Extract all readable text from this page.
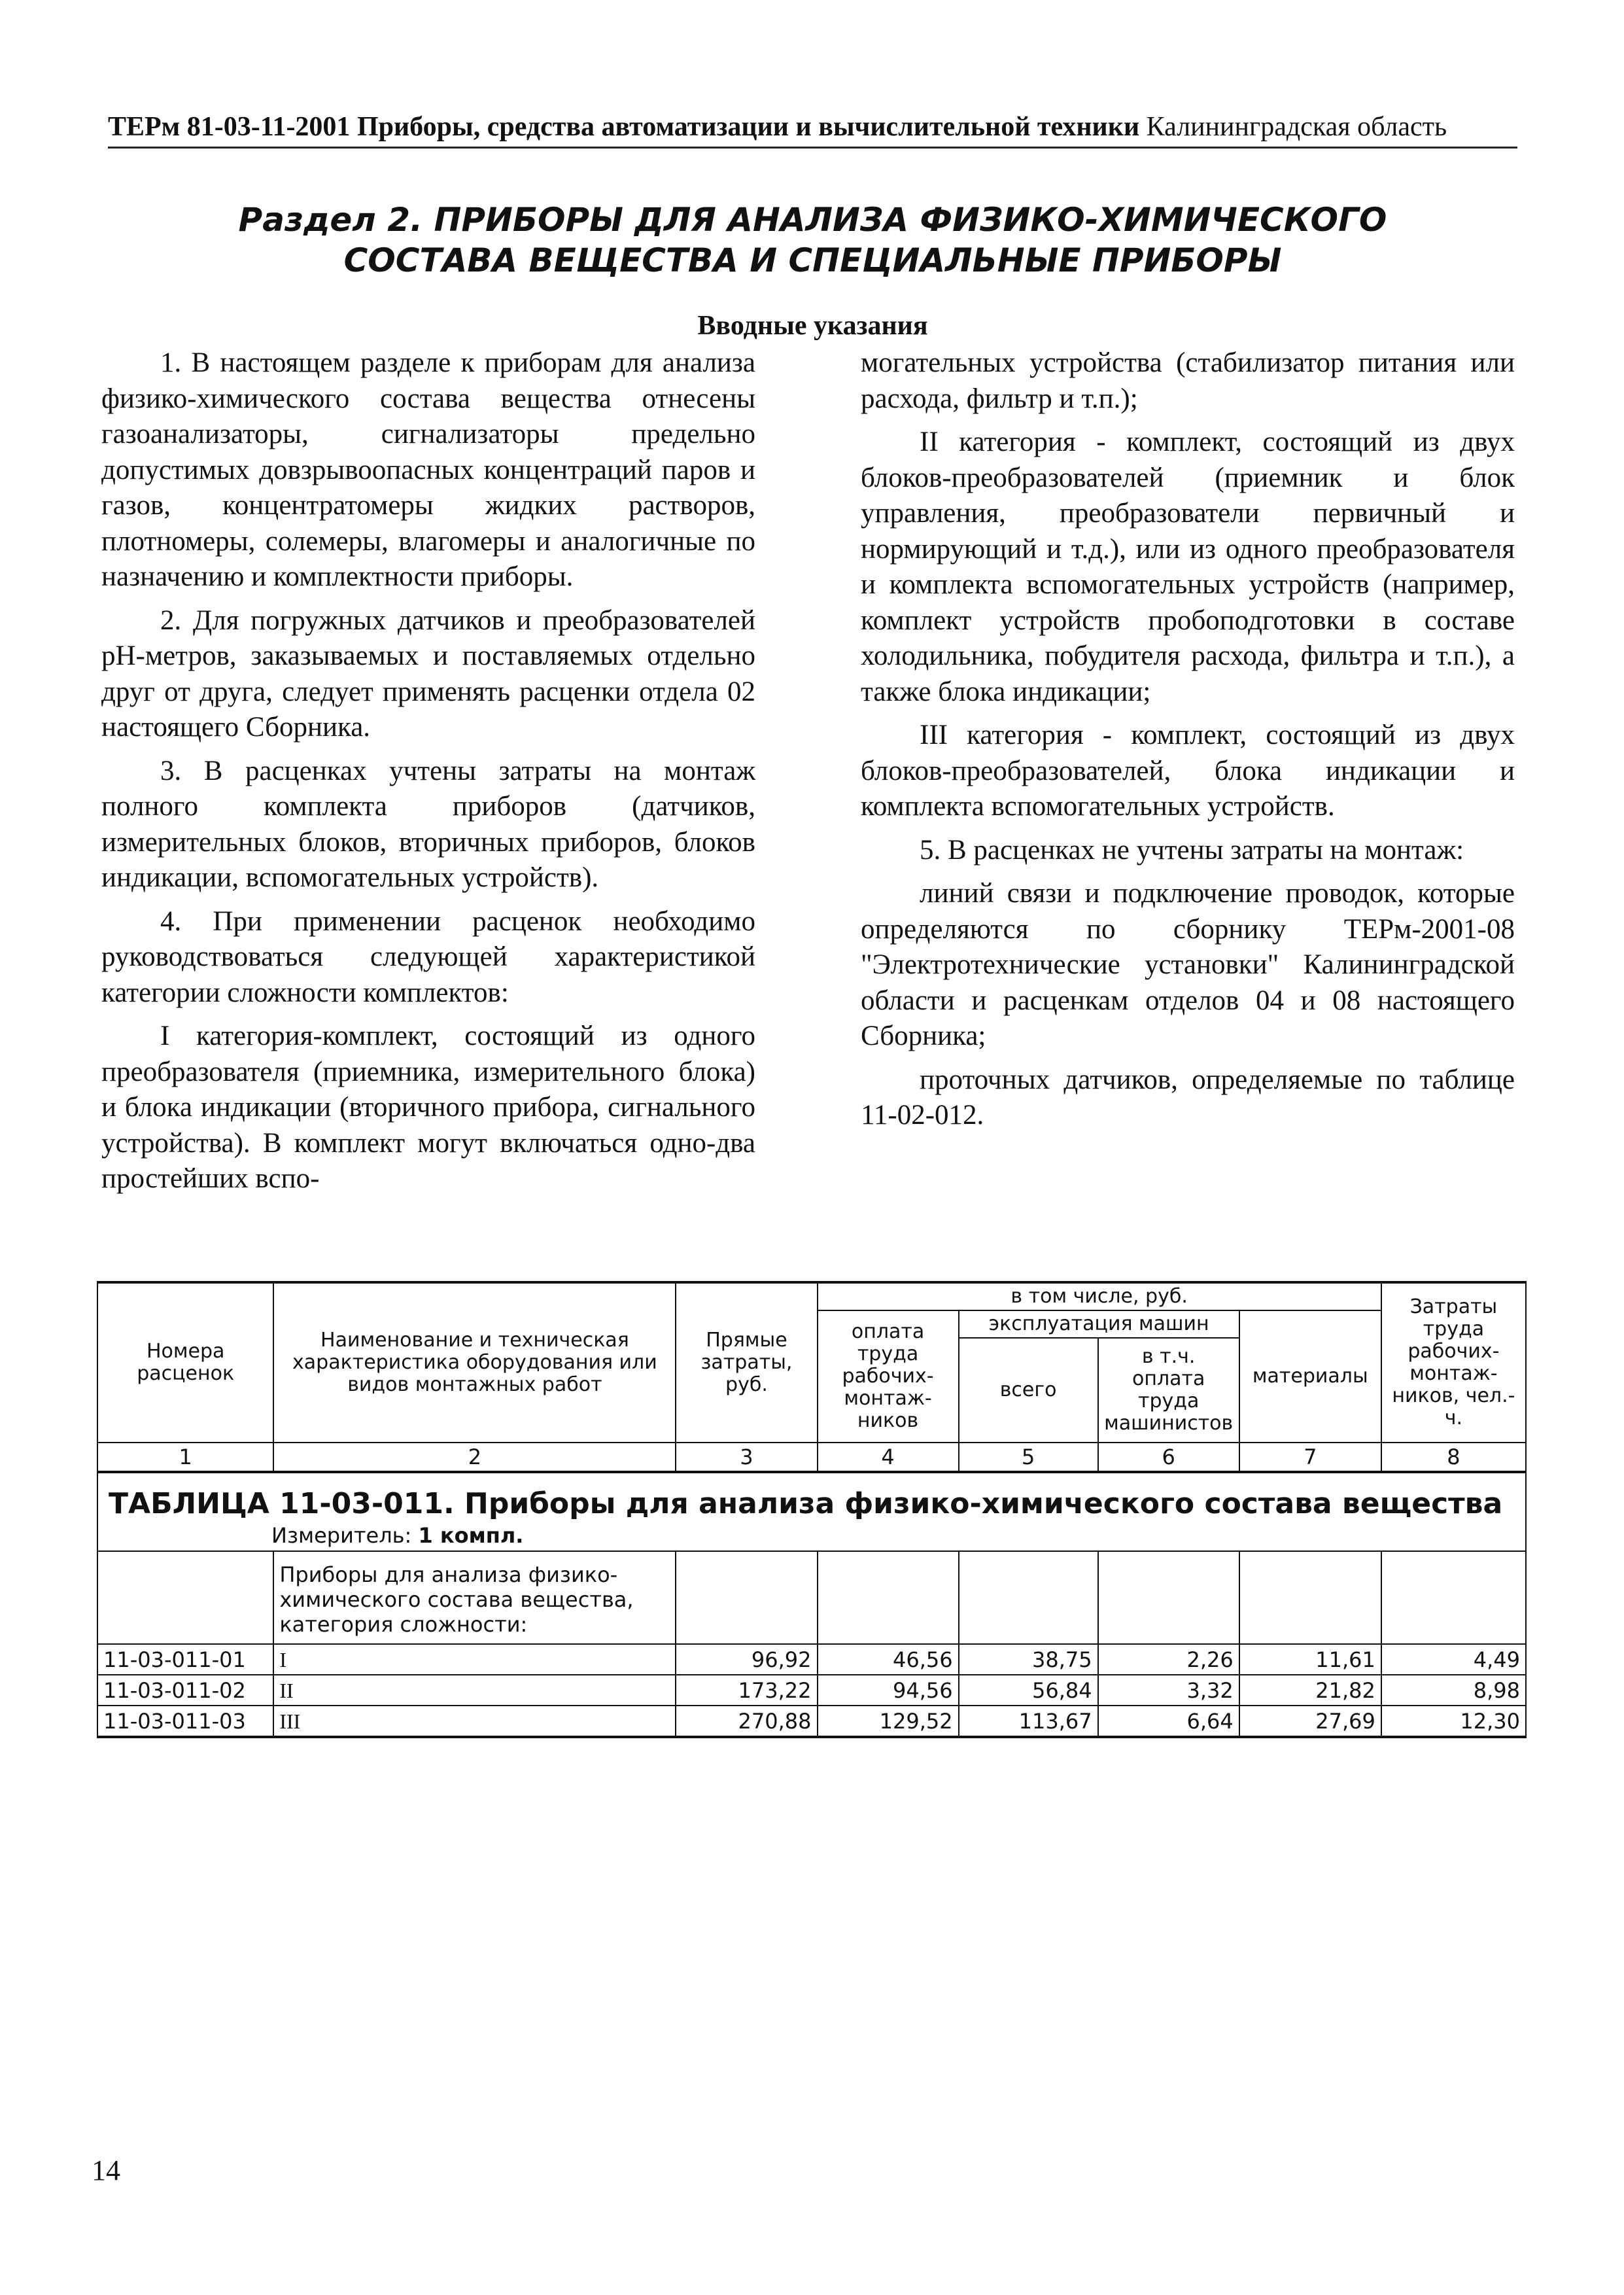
ТЕРм 81-03-11-2001 Приборы, средства автоматизации и вычислительной техники Калининградская область
Раздел 2. ПРИБОРЫ ДЛЯ АНАЛИЗА ФИЗИКО-ХИМИЧЕСКОГО
СОСТАВА ВЕЩЕСТВА И СПЕЦИАЛЬНЫЕ ПРИБОРЫ
Вводные указания

1. В настоящем разделе к приборам для анализа физико-химического состава вещества отнесены газоанализаторы, сигнализаторы предельно допустимых довзрывоопасных концентраций паров и газов, концентратомеры жидких растворов, плотномеры, солемеры, влагомеры и аналогичные по назначению и комплектности приборы.

2. Для погружных датчиков и преобразователей pH-метров, заказываемых и поставляемых отдельно друг от друга, следует применять расценки отдела 02 настоящего Сборника.

3. В расценках учтены затраты на монтаж полного комплекта приборов (датчиков, измерительных блоков, вторичных приборов, блоков индикации, вспомогательных устройств).

4. При применении расценок необходимо руководствоваться следующей характеристикой категории сложности комплектов:

I категория-комплект, состоящий из одного преобразователя (приемника, измерительного блока) и блока индикации (вторичного прибора, сигнального устройства). В комплект могут включаться одно-два простейших вспо-

могательных устройства (стабилизатор питания или расхода, фильтр и т.п.);

II категория - комплект, состоящий из двух блоков-преобразователей (приемник и блок управления, преобразователи первичный и нормирующий и т.д.), или из одного преобразователя и комплекта вспомогательных устройств (например, комплект устройств пробоподготовки в составе холодильника, побудителя расхода, фильтра и т.п.), а также блока индикации;

III категория - комплект, состоящий из двух блоков-преобразователей, блока индикации и комплекта вспомогательных устройств.

5. В расценках не учтены затраты на монтаж:

линий связи и подключение проводок, которые определяются по сборнику ТЕРм-2001-08 "Электротехнические установки" Калининградской области и расценкам отделов 04 и 08 настоящего Сборника;

проточных датчиков, определяемые по таблице 11-02-012.

Номера расценок	Наименование и техническая характеристика оборудования или видов монтажных работ	Прямые затраты, руб.	в том числе, руб.				Затраты труда рабочих-монтаж-ников, чел.-ч.
			оплата труда рабочих-монтаж-ников	эксплуатация машин		материалы	
				всего	в т.ч. оплата труда машинистов		
1	2	3	4	5	6	7	8

ТАБЛИЦА 11-03-011. Приборы для анализа физико-химического состава вещества
Измеритель: 1 компл.							

	Приборы для анализа физико-химического состава вещества, категория сложности:						
11-03-011-01	I	96,92	46,56	38,75	2,26	11,61	4,49
11-03-011-02	II	173,22	94,56	56,84	3,32	21,82	8,98
11-03-011-03	III	270,88	129,52	113,67	6,64	27,69	12,30
14
